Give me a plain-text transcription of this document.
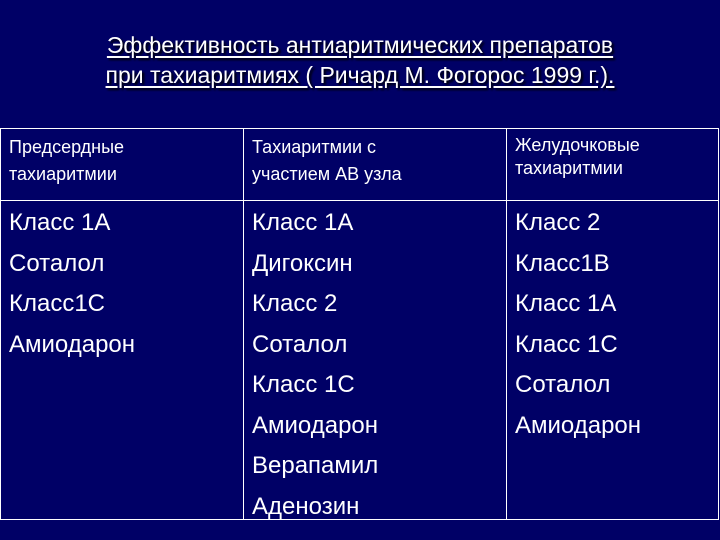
Эффективность антиаритмических препаратов
при тахиаритмиях ( Ричард М. Фогорос 1999 г.).
Предсердные
тахиаритмии
Тахиаритмии с
участием АВ узла
Желудочковые
тахиаритмии
Класс 1А
Соталол
Класс1С
Амиодарон
Класс 1А
Дигоксин
Класс 2
Соталол
Класс 1С
Амиодарон
Верапамил
Аденозин
Класс 2
Класс1В
Класс 1А
Класс 1С
Соталол
Амиодарон
